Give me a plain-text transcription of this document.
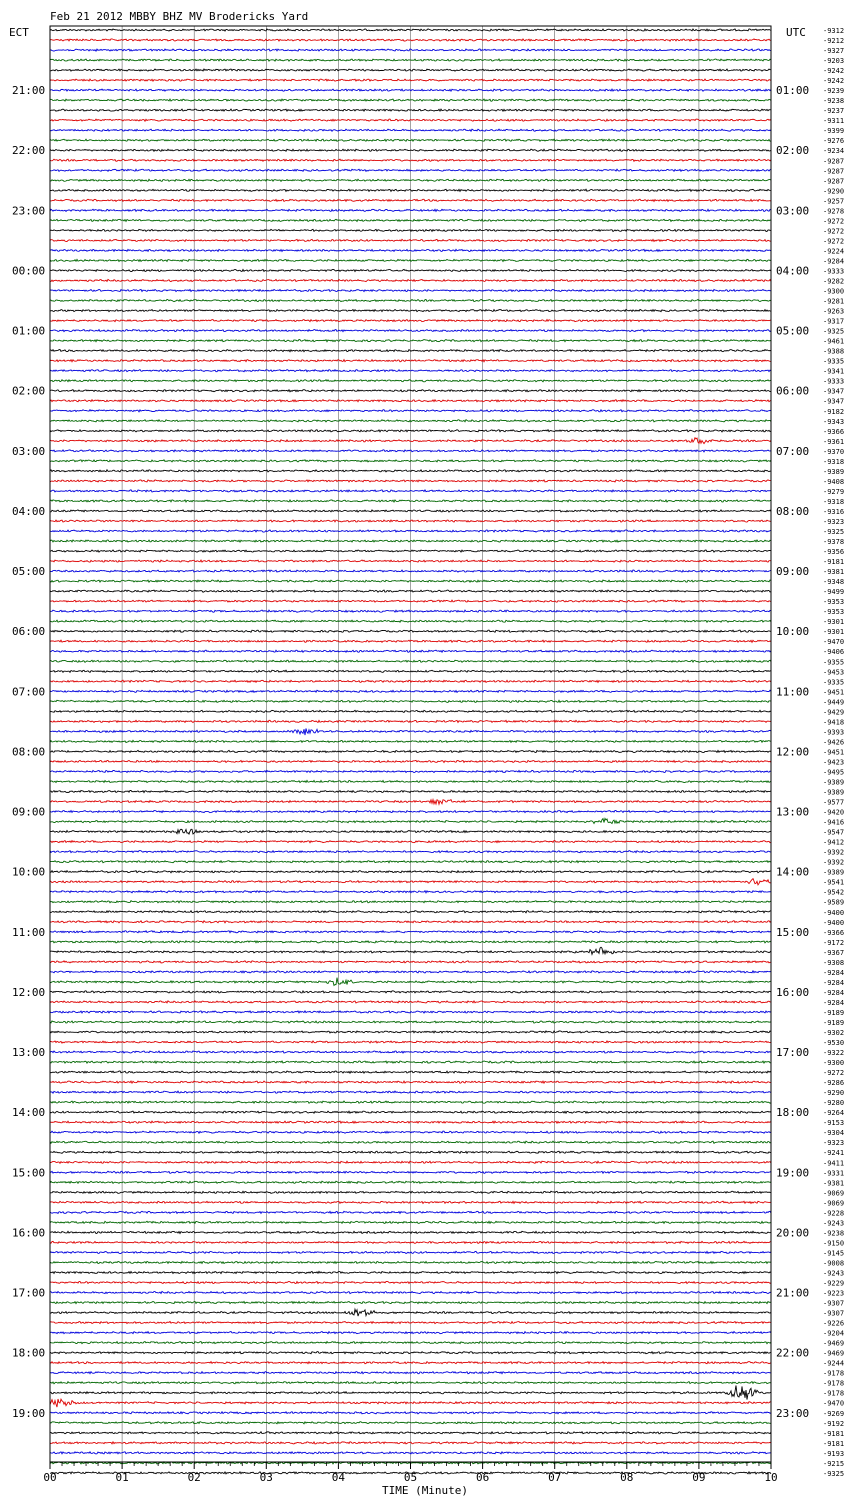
Feb 21 2012 MBBY BHZ MV Brodericks Yard
ECT	UTC
21:00
22:00
23:00
00:00
01:00
02:00
03:00
04:00
05:00
06:00
07:00
08:00
09:00
10:00
11:00
12:00
13:00
14:00
15:00
16:00
17:00
18:00
19:00
01:00
02:00
03:00
04:00
05:00
06:00
07:00
08:00
09:00
10:00
11:00
12:00
13:00
14:00
15:00
16:00
17:00
18:00
19:00
20:00
21:00
22:00
23:00
-9312
-9212
-9327
-9203
-9242
-9242
-9239
-9238
-9237
-9311
-9399
-9276
-9234
-9287
-9287
-9287
-9290
-9257
-9278
-9272
-9272
-9272
-9224
-9284
-9333
-9282
-9300
-9281
-9263
-9317
-9325
-9461
-9388
-9335
-9341
-9333
-9347
-9347
-9182
-9343
-9366
-9361
-9370
-9318
-9389
-9408
-9279
-9318
-9316
-9323
-9325
-9378
-9356
-9181
-9381
-9348
-9499
-9353
-9353
-9301
-9301
-9470
-9406
-9355
-9453
-9335
-9451
-9449
-9429
-9418
-9393
-9426
-9451
-9423
-9495
-9389
-9389
-9577
-9420
-9416
-9547
-9412
-9392
-9392
-9389
-9541
-9542
-9589
-9400
-9400
-9366
-9172
-9367
-9308
-9284
-9284
-9284
-9284
-9189
-9189
-9302
-9530
-9322
-9300
-9272
-9286
-9290
-9280
-9264
-9153
-9304
-9323
-9241
-9411
-9331
-9381
-9069
-9069
-9228
-9243
-9238
-9150
-9145
-9008
-9243
-9229
-9223
-9307
-9307
-9226
-9204
-9469
-9469
-9244
-9178
-9178
-9178
-9470
-9269
-9192
-9181
-9181
-9193
-9215
-9325
00	01	02	03	04	05	06	07	08	09	10
TIME (Minute)
